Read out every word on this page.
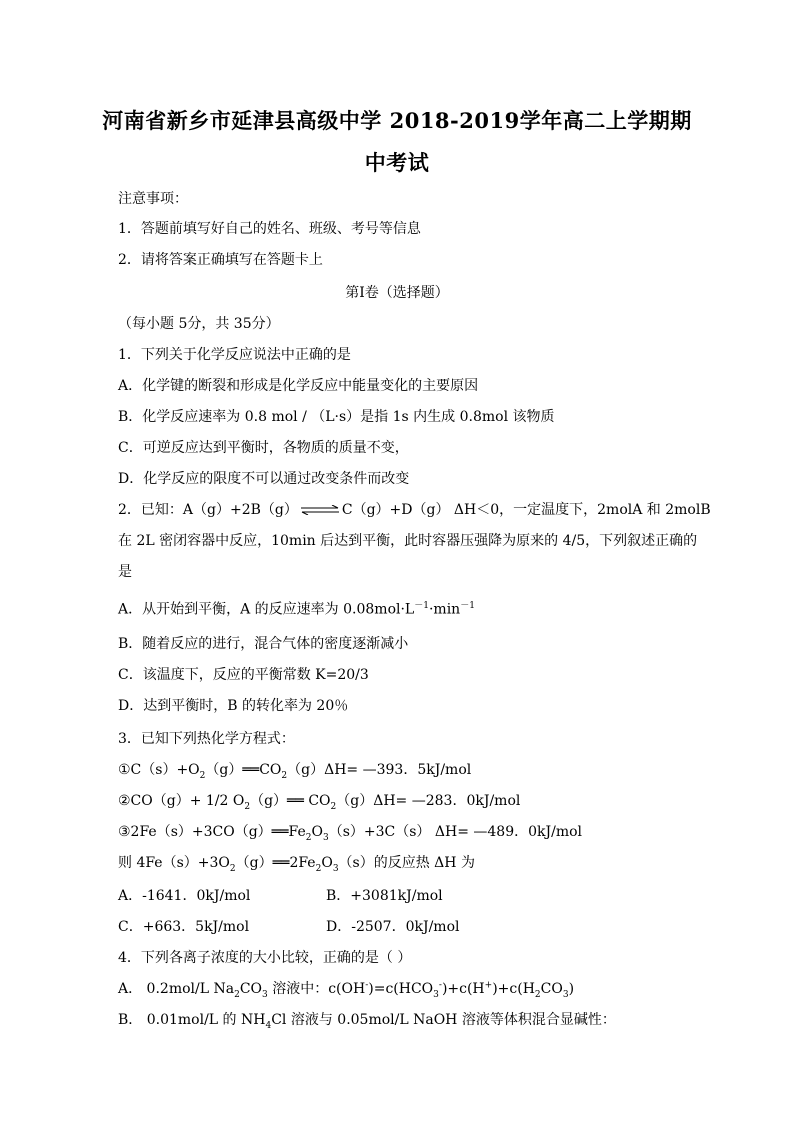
河南省新乡市延津县高级中学 2018-2019学年高二上学期期
中考试
注意事项：
1．答题前填写好自己的姓名、班级、考号等信息
2．请将答案正确填写在答题卡上
第I卷（选择题）
（每小题 5分，共 35分）
1．下列关于化学反应说法中正确的是
A．化学键的断裂和形成是化学反应中能量变化的主要原因
B．化学反应速率为 0.8 mol / （L·s）是指 1s 内生成 0.8mol 该物质
C．可逆反应达到平衡时，各物质的质量不变，
D．化学反应的限度不可以通过改变条件而改变
2．已知：A（g）+2B（g） ⇌ C（g）+D（g） ΔH＜0，一定温度下，2molA 和 2molB
在 2L 密闭容器中反应，10min 后达到平衡，此时容器压强降为原来的 4/5，下列叙述正确的
是
A．从开始到平衡，A 的反应速率为 $0.08mol\cdot L^{-1}\cdot\min^{-1}$
B．随着反应的进行，混合气体的密度逐渐减小
C．该温度下，反应的平衡常数 K=20/3
D．达到平衡时，B 的转化率为 20％
3．已知下列热化学方程式：
$①C(s)+O_2(g)══CO_2(g)\Delta H=$ —393．5kJ/mol
②CO（g）+ 1/2 $O_2(g)══$ $CO_2(g)\Delta H=$ —283．0kJ/mol
$③2Fe(s)+3CO(g)══Fe_2O_3(s)+3C(s)$ ΔH= —489．0kJ/mol
则 $4Fe(s)+3O_2(g)══2Fe_2O_3(s)$的反应热 ΔH 为
A．-1641．0kJ/mol	B．+3081kJ/mol
C．+663．5kJ/mol	D．-2507．0kJ/mol
4．下列各离子浓度的大小比较，正确的是（ ）
A． 0.2mol/L $Na_2CO_3$ 溶液中：$c(OH^-)=c(HCO_3^-)+c(H^+)+c(H_2CO_3)$
B． 0.01mol/L 的 $NH_4Cl$ 溶液与 0.05mol/L NaOH 溶液等体积混合显碱性：
